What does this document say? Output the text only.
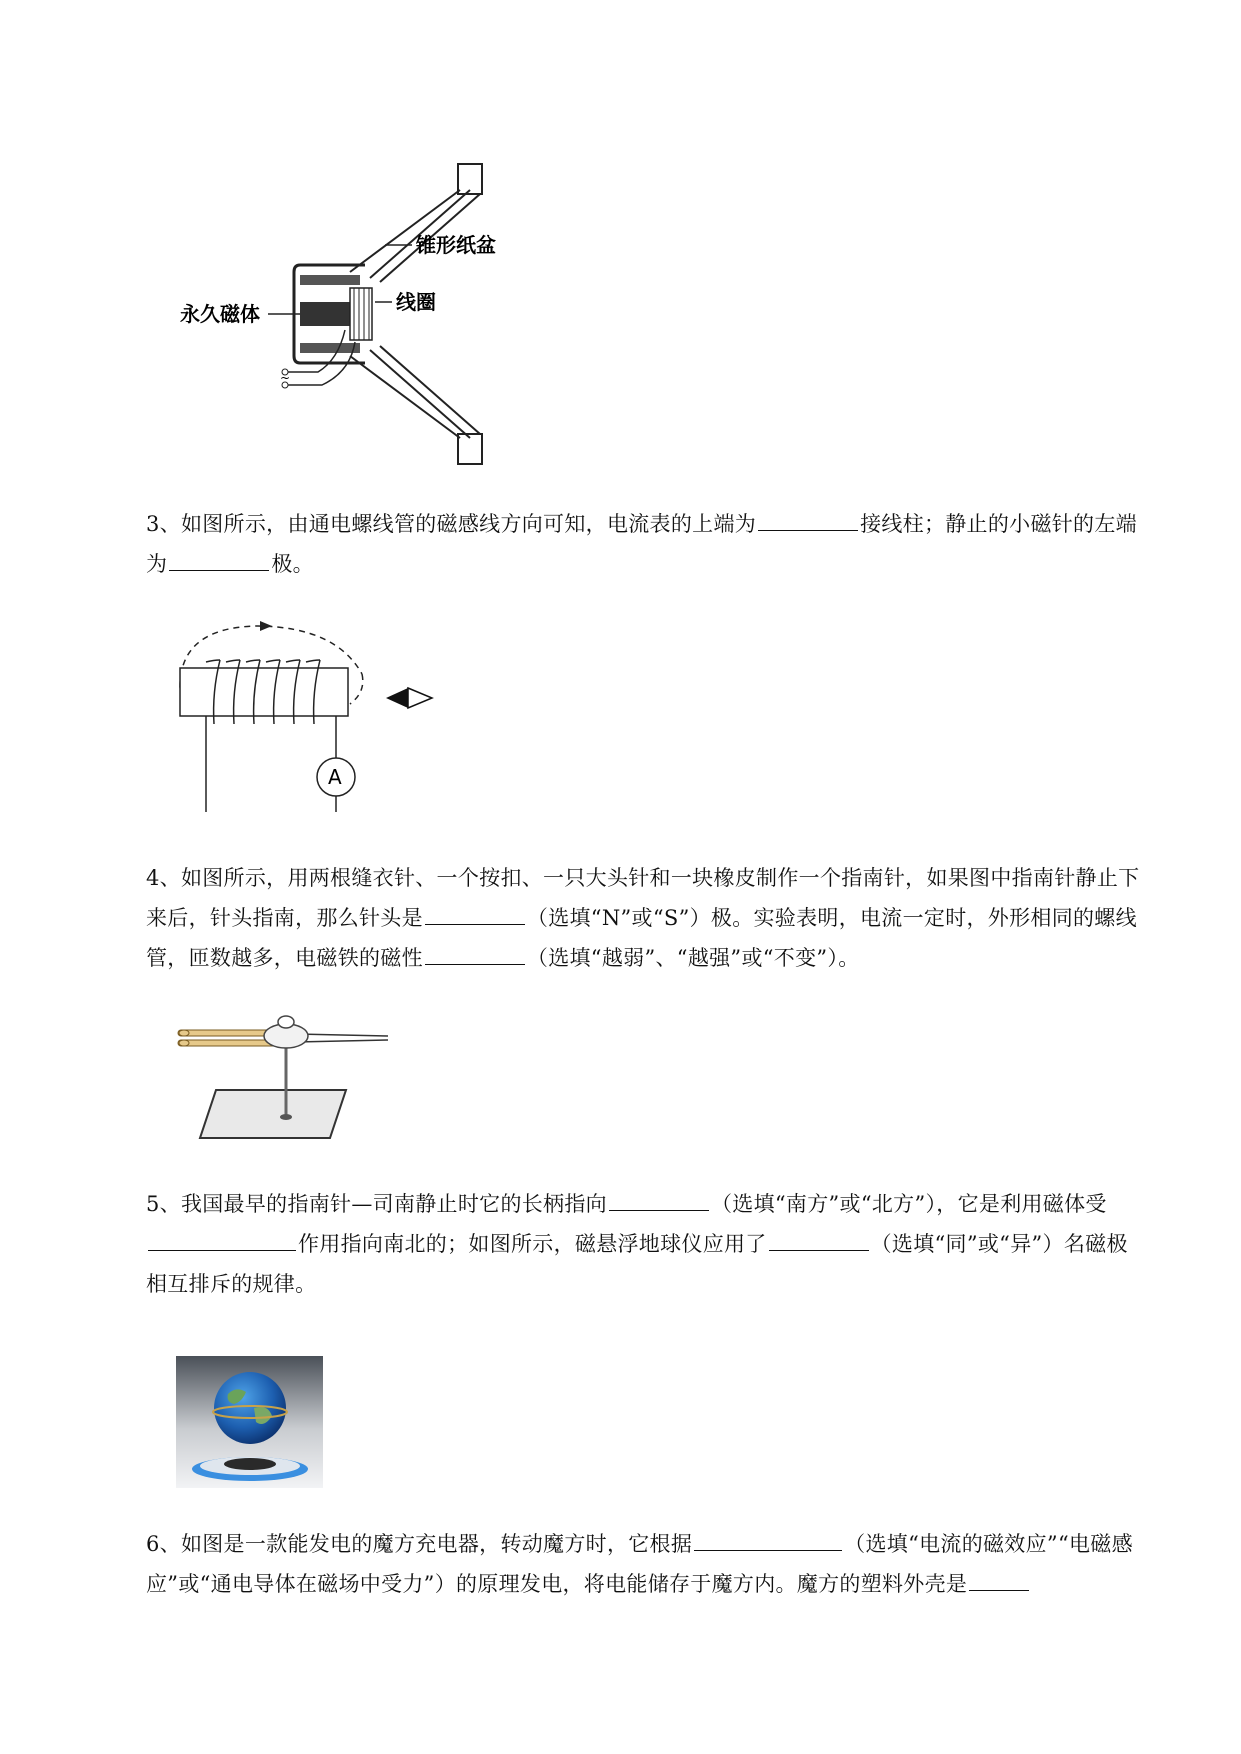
~
锥形纸盆
线圈
永久磁体
3、如图所示，由通电螺线管的磁感线方向可知，电流表的上端为	接线柱；静止的小磁针的左端为	极。
A
4、如图所示，用两根缝衣针、一个按扣、一只大头针和一块橡皮制作一个指南针，如果图中指南针静止下来后，针头指南，那么针头是	（选填“N”或“S”）极。实验表明，电流一定时，外形相同的螺线管，匝数越多，电磁铁的磁性	（选填“越弱”、“越强”或“不变”）。
5、我国最早的指南针—司南静止时它的长柄指向	（选填“南方”或“北方”），它是利用磁体受作用指向南北的；如图所示，磁悬浮地球仪应用了	（选填“同”或“异”）名磁极相互排斥的规律。
6、如图是一款能发电的魔方充电器，转动魔方时，它根据	（选填“电流的磁效应”“电磁感应”或“通电导体在磁场中受力”）的原理发电，将电能储存于魔方内。魔方的塑料外壳是
